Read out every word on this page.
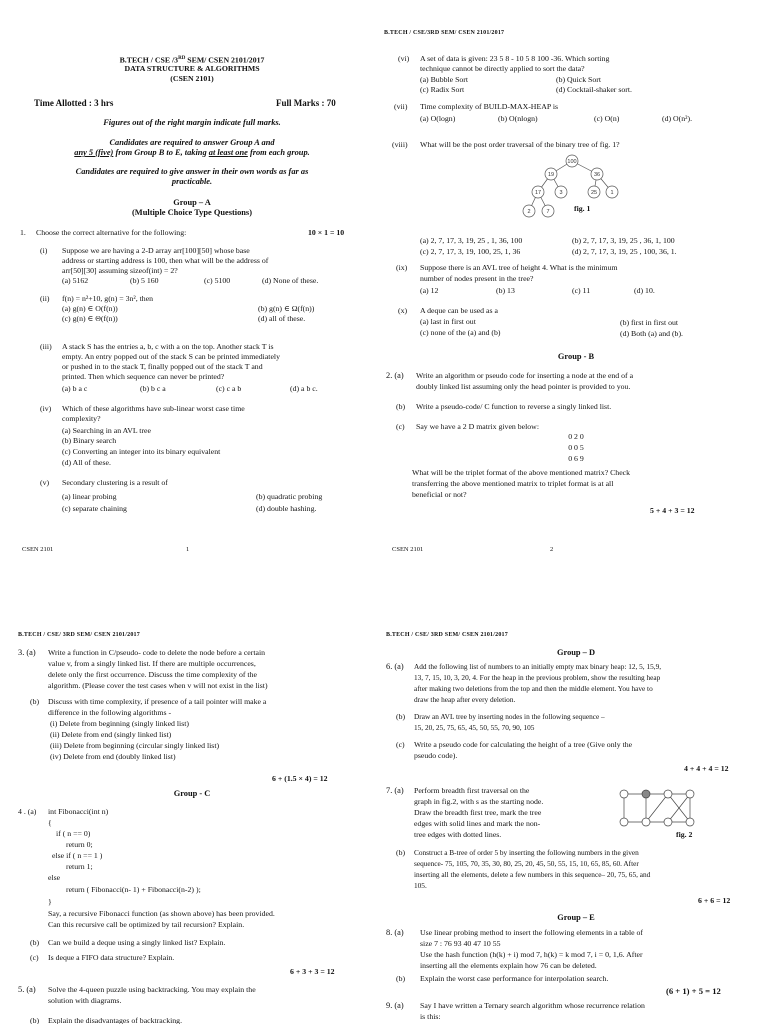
B.TECH / CSE /3RD SEM/ CSEN 2101/2017
DATA STRUCTURE & ALGORITHMS
(CSEN 2101)
Time Allotted : 3 hrs	Full Marks : 70
Figures out of the right margin indicate full marks.
Candidates are required to answer Group A and
any 5 (five) from Group B to E, taking at least one from each group.
Candidates are required to give answer in their own words as far as
practicable.
Group – A
(Multiple Choice Type Questions)
1. Choose the correct alternative for the following:	10 × 1 = 10
(i) Suppose we are having a 2-D array arr[100][50] whose base
address or starting address is 100, then what will be the address of
arr[50][30] assuming sizeof(int) = 2?
(a) 5162	(b) 5 160	(c) 5100	(d) None of these.
(ii) f(n) = n²+10, g(n) = 3n², then
(a) g(n) ∈ O(f(n))	(b) g(n) ∈ Ω(f(n))
(c) g(n) ∈ Θ(f(n))	(d) all of these.
(iii) A stack S has the entries a, b, c with a on the top. Another stack T is
empty. An entry popped out of the stack S can be printed immediately
or pushed in to the stack T, finally popped out of the stack T and
printed. Then which sequence can never be printed?
(a) b a c	(b) b c a	(c) c a b	(d) a b c.
(iv) Which of these algorithms have sub-linear worst case time
complexity?
(a) Searching in an AVL tree
(b) Binary search
(c) Converting an integer into its binary equivalent
(d) All of these.
(v) Secondary clustering is a result of
(a) linear probing	(b) quadratic probing
(c) separate chaining	(d) double hashing.
CSEN 2101	1
B.TECH / CSE/3RD SEM/ CSEN 2101/2017
(vi) A set of data is given: 23 5 8 - 10 5 8 100 -36. Which sorting
technique cannot be directly applied to sort the data?
(a) Bubble Sort	(b) Quick Sort
(c) Radix Sort	(d) Cocktail-shaker sort.
(vii) Time complexity of BUILD-MAX-HEAP is
(a) O(logn)	(b) O(nlogn)	(c) O(n)	(d) O(n²).
(viii) What will be the post order traversal of the binary tree of fig. 1?
100
19	36
17	3	25 1
2	7	fig. 1
(a) 2, 7, 17, 3, 19, 25 , 1, 36, 100	(b) 2, 7, 17, 3, 19, 25 , 36, 1, 100
(c) 2, 7, 17, 3, 19, 100, 25, 1, 36	(d) 2, 7, 17, 3, 19, 25 , 100, 36, 1.
(ix) Suppose there is an AVL tree of height 4. What is the minimum
number of nodes present in the tree?
(a) 12	(b) 13	(c) 11	(d) 10.
(x) A deque can be used as a
(a) last in first out	(b) first in first out
(c) none of the (a) and (b)	(d) Both (a) and (b).
Group - B
2. (a) Write an algorithm or pseudo code for inserting a node at the end of a
doubly linked list assuming only the head pointer is provided to you.
(b) Write a pseudo-code/ C function to reverse a singly linked list.
(c) Say we have a 2 D matrix given below:
0 2 0
0 0 5
0 6 9
What will be the triplet format of the above mentioned matrix? Check
transferring the above mentioned matrix to triplet format is at all
beneficial or not?
5 + 4 + 3 = 12
CSEN 2101	2
B.TECH / CSE/ 3RD SEM/ CSEN 2101/2017
3. (a) Write a function in C/pseudo- code to delete the node before a certain
value v, from a singly linked list. If there are multiple occurrences,
delete only the first occurrence. Discuss the time complexity of the
algorithm. (Please cover the test cases when v will not exist in the list)
(b) Discuss with time complexity, if presence of a tail pointer will make a
difference in the following algorithms -
(i) Delete from beginning (singly linked list)
(ii) Delete from end (singly linked list)
(iii) Delete from beginning (circular singly linked list)
(iv) Delete from end (doubly linked list)
6 + (1.5 × 4) = 12
Group - C
4 . (a) int Fibonacci(int n)
{
if ( n == 0)
return 0;
else if ( n == 1 )
return 1;
else
return ( Fibonacci(n- 1) + Fibonacci(n-2) );
}
Say, a recursive Fibonacci function (as shown above) has been provided.
Can this recursive call be optimized by tail recursion? Explain.
(b) Can we build a deque using a singly linked list? Explain.
(c) Is deque a FIFO data structure? Explain.
6 + 3 + 3 = 12
5. (a) Solve the 4-queen puzzle using backtracking. You may explain the
solution with diagrams.
(b) Explain the disadvantages of backtracking.
B.TECH / CSE/ 3RD SEM/ CSEN 2101/2017
Group – D
6. (a) Add the following list of numbers to an initially empty max binary heap: 12, 5, 15,9,
13, 7, 15, 10, 3, 20, 4. For the heap in the previous problem, show the resulting heap
after making two deletions from the top and then the middle element. You have to
draw the heap after every deletion.
(b) Draw an AVL tree by inserting nodes in the following sequence –
15, 20, 25, 75, 65, 45, 50, 55, 70, 90, 105
(c) Write a pseudo code for calculating the height of a tree (Give only the
pseudo code).
4 + 4 + 4 = 12
7. (a) Perform breadth first traversal on the
graph in fig.2, with s as the starting node.
Draw the breadth first tree, mark the tree
edges with solid lines and mark the non-
tree edges with dotted lines.	fig. 2
(b) Construct a B-tree of order 5 by inserting the following numbers in the given
sequence- 75, 105, 70, 35, 30, 80, 25, 20, 45, 50, 55, 15, 10, 65, 85, 60. After
inserting all the elements, delete a few numbers in this sequence– 20, 75, 65, and
105.
6 + 6 = 12
Group – E
8. (a) Use linear probing method to insert the following elements in a table of
size 7 : 76 93 40 47 10 55
Use the hash function (h(k) + i) mod 7, h(k) = k mod 7, i = 0, 1,6. After
inserting all the elements explain how 76 can be deleted.
(b) Explain the worst case performance for interpolation search.
(6 + 1) + 5 = 12
9. (a) Say I have written a Ternary search algorithm whose recurrence relation
is this:
